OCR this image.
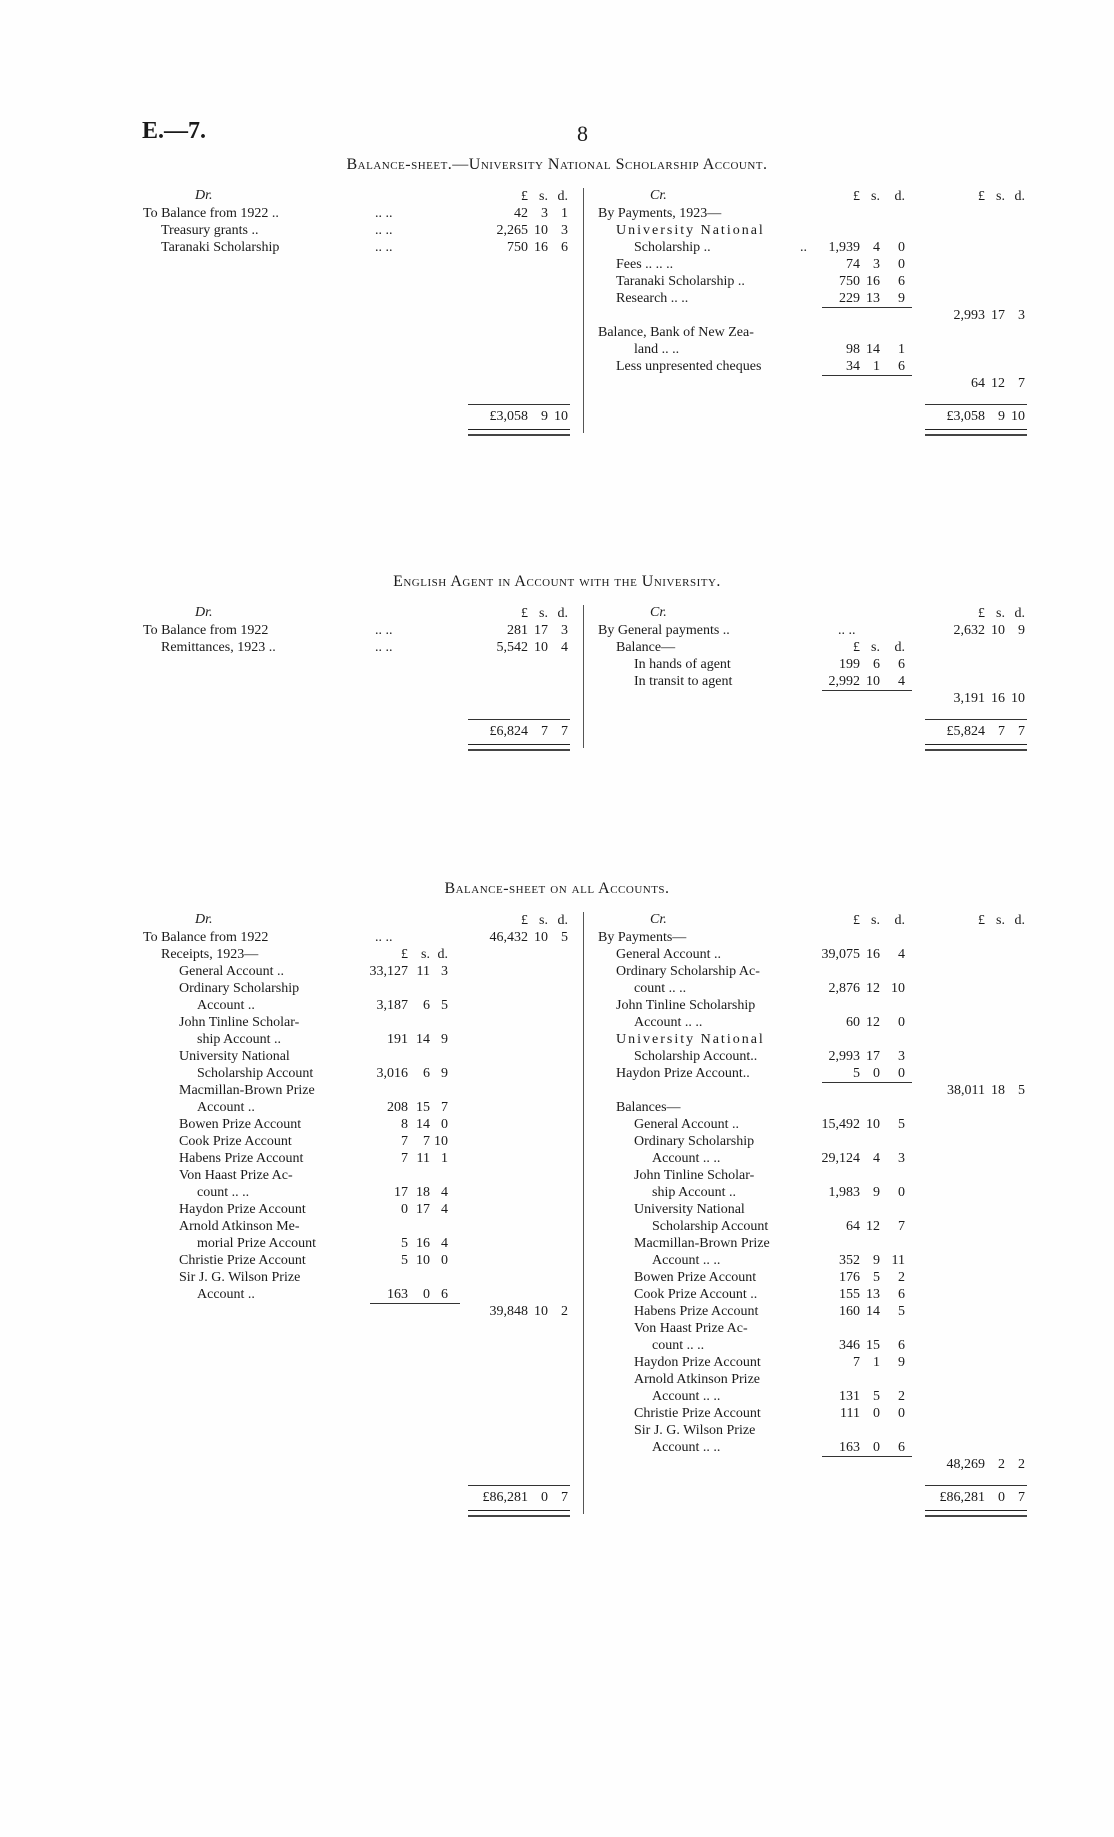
E.—7.	8
Balance-sheet.—University National Scholarship Account.
Dr.	Cr.
£ s. d.	£ s.	d.	£ s. d.
To Balance from 1922 ..	.. ..	42 3 1
Treasury grants ..	.. ..	2,265 10 3
Taranaki Scholarship	.. ..	750 16 6
By Payments, 1923—
University National
Scholarship ..	..	1,939 4	0
Fees .. .. ..	74 3	0
Taranaki Scholarship ..	750 16	6
Research .. ..	229 13	9
2,993 17 3
Balance, Bank of New Zea-
land .. ..	98 14	1
Less unpresented cheques	34 1	6
64 12 7
£3,058 9 10	£3,058 9 10
English Agent in Account with the University.
Dr.	Cr.
£ s. d.	£ s. d.
To Balance from 1922	.. ..	281 17 3
Remittances, 1923 ..	.. ..	5,542 10 4
By General payments ..	.. ..	2,632 10 9
Balance—	£ s.	d.
In hands of agent	199 6	6
In transit to agent	2,992 10	4
3,191 16 10
£6,824 7 7	£5,824 7 7
Balance-sheet on all Accounts.
Dr.	Cr.
£ s. d.	£ s.	d.	£ s. d.
To Balance from 1922	.. ..	46,432 10 5
Receipts, 1923—	£ s. d.
General Account ..	33,127 11 3
Ordinary Scholarship
Account ..	3,187	6 5
John Tinline Scholar-
ship Account ..	191 14 9
University National
Scholarship Account	3,016	6 9
Macmillan-Brown Prize
Account ..	208 15 7
Bowen Prize Account	8 14 0
Cook Prize Account	7	7 10
Habens Prize Account	7 11 1
Von Haast Prize Ac-
count .. ..	17 18 4
Haydon Prize Account	0 17 4
Arnold Atkinson Me-
morial Prize Account	5 16 4
Christie Prize Account	5 10 0
Sir J. G. Wilson Prize
Account ..	163	0 6
39,848 10 2
By Payments—
General Account ..	39,075 16	4
Ordinary Scholarship Ac-
count .. ..	2,876 12 10
John Tinline Scholarship
Account .. ..	60 12	0
University National
Scholarship Account..	2,993 17	3
Haydon Prize Account..	5 0	0
38,011 18 5
Balances—
General Account ..	15,492 10	5
Ordinary Scholarship
Account .. ..	29,124 4	3
John Tinline Scholar-
ship Account ..	1,983 9	0
University National
Scholarship Account	64 12	7
Macmillan-Brown Prize
Account .. ..	352 9 11
Bowen Prize Account	176 5	2
Cook Prize Account ..	155 13	6
Habens Prize Account	160 14	5
Von Haast Prize Ac-
count .. ..	346 15	6
Haydon Prize Account	7 1	9
Arnold Atkinson Prize
Account .. ..	131 5	2
Christie Prize Account	111 0	0
Sir J. G. Wilson Prize
Account .. ..	163 0	6
48,269 2 2
£86,281 0 7	£86,281 0 7
